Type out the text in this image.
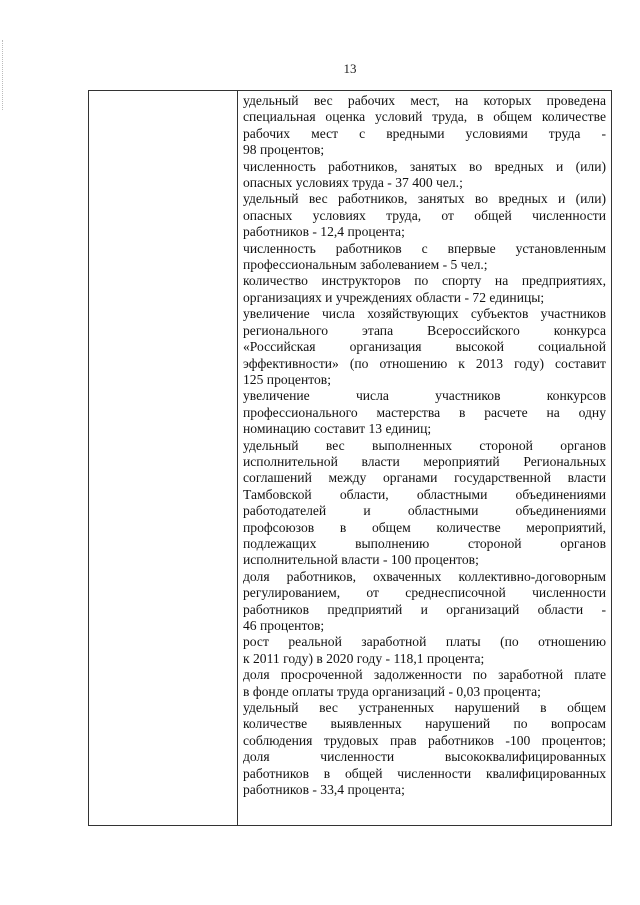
13
удельный вес рабочих мест, на которых проведена
специальная оценка условий труда, в общем количестве
рабочих мест с вредными условиями труда -
98 процентов;
численность работников, занятых во вредных и (или)
опасных условиях труда - 37 400 чел.;
удельный вес работников, занятых во вредных и (или)
опасных условиях труда, от общей численности
работников - 12,4 процента;
численность работников с впервые установленным
профессиональным заболеванием - 5 чел.;
количество инструкторов по спорту на предприятиях,
организациях и учреждениях области - 72 единицы;
увеличение числа хозяйствующих субъектов участников
регионального этапа Всероссийского конкурса
«Российская организация высокой социальной
эффективности» (по отношению к 2013 году) составит
125 процентов;
увеличение числа участников конкурсов
профессионального мастерства в расчете на одну
номинацию составит 13 единиц;
удельный вес выполненных стороной органов
исполнительной власти мероприятий Региональных
соглашений между органами государственной власти
Тамбовской области, областными объединениями
работодателей и областными объединениями
профсоюзов в общем количестве мероприятий,
подлежащих выполнению стороной органов
исполнительной власти - 100 процентов;
доля работников, охваченных коллективно-договорным
регулированием, от среднесписочной численности
работников предприятий и организаций области -
46 процентов;
рост реальной заработной платы (по отношению
к 2011 году) в 2020 году - 118,1 процента;
доля просроченной задолженности по заработной плате
в фонде оплаты труда организаций - 0,03 процента;
удельный вес устраненных нарушений в общем
количестве выявленных нарушений по вопросам
соблюдения трудовых прав работников -100 процентов;
доля численности высококвалифицированных
работников в общей численности квалифицированных
работников - 33,4 процента;
